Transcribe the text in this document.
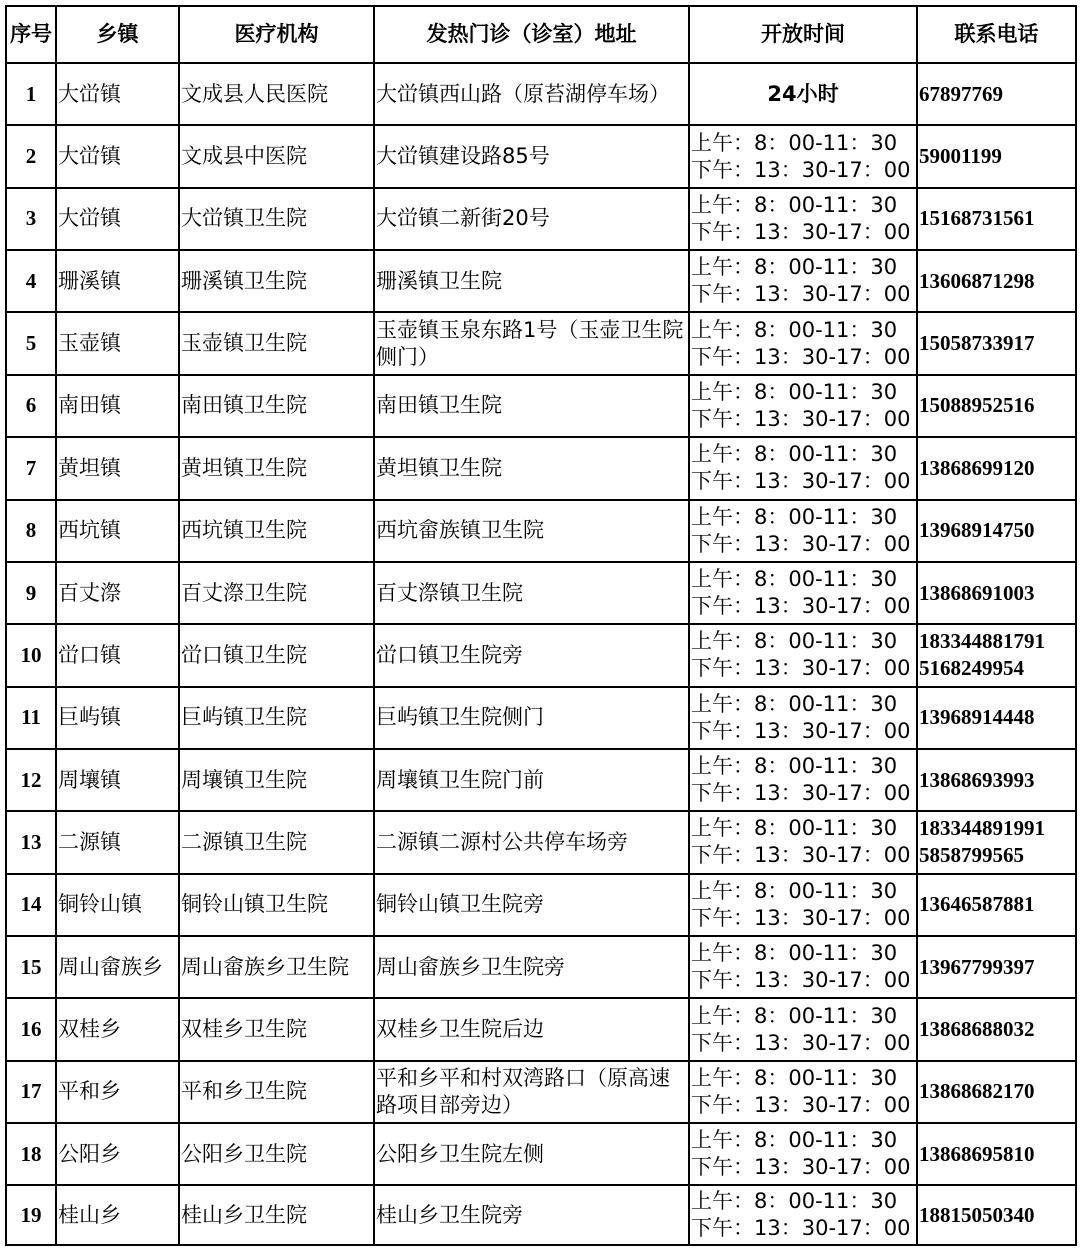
序号	乡镇	医疗机构	发热门诊（诊室）地址	开放时间	联系电话
1	大峃镇	文成县人民医院	大峃镇西山路（原苔湖停车场）	24小时	67897769

2	大峃镇	文成县中医院	大峃镇建设路85号	上午：8：00-11：30
下午：13：30-17：00	59001199

3	大峃镇	大峃镇卫生院	大峃镇二新街20号	上午：8：00-11：30
下午：13：30-17：00	15168731561

4	珊溪镇	珊溪镇卫生院	珊溪镇卫生院	上午：8：00-11：30
下午：13：30-17：00	13606871298

5	玉壶镇	玉壶镇卫生院	玉壶镇玉泉东路1号（玉壶卫生院侧门）	上午：8：00-11：30
下午：13：30-17：00	15058733917

6	南田镇	南田镇卫生院	南田镇卫生院	上午：8：00-11：30
下午：13：30-17：00	15088952516

7	黄坦镇	黄坦镇卫生院	黄坦镇卫生院	上午：8：00-11：30
下午：13：30-17：00	13868699120

8	西坑镇	西坑镇卫生院	西坑畲族镇卫生院	上午：8：00-11：30
下午：13：30-17：00	13968914750

9	百丈漈	百丈漈卫生院	百丈漈镇卫生院	上午：8：00-11：30
下午：13：30-17：00	13868691003

10	峃口镇	峃口镇卫生院	峃口镇卫生院旁	上午：8：00-11：30
下午：13：30-17：00	183344881791
5168249954

11	巨屿镇	巨屿镇卫生院	巨屿镇卫生院侧门	上午：8：00-11：30
下午：13：30-17：00	13968914448

12	周壤镇	周壤镇卫生院	周壤镇卫生院门前	上午：8：00-11：30
下午：13：30-17：00	13868693993

13	二源镇	二源镇卫生院	二源镇二源村公共停车场旁	上午：8：00-11：30
下午：13：30-17：00	183344891991
5858799565

14	铜铃山镇	铜铃山镇卫生院	铜铃山镇卫生院旁	上午：8：00-11：30
下午：13：30-17：00	13646587881

15	周山畲族乡	周山畲族乡卫生院	周山畲族乡卫生院旁	上午：8：00-11：30
下午：13：30-17：00	13967799397

16	双桂乡	双桂乡卫生院	双桂乡卫生院后边	上午：8：00-11：30
下午：13：30-17：00	13868688032

17	平和乡	平和乡卫生院	平和乡平和村双湾路口（原高速路项目部旁边）	上午：8：00-11：30
下午：13：30-17：00	13868682170

18	公阳乡	公阳乡卫生院	公阳乡卫生院左侧	上午：8：00-11：30
下午：13：30-17：00	13868695810

19	桂山乡	桂山乡卫生院	桂山乡卫生院旁	上午：8：00-11：30
下午：13：30-17：00	18815050340
